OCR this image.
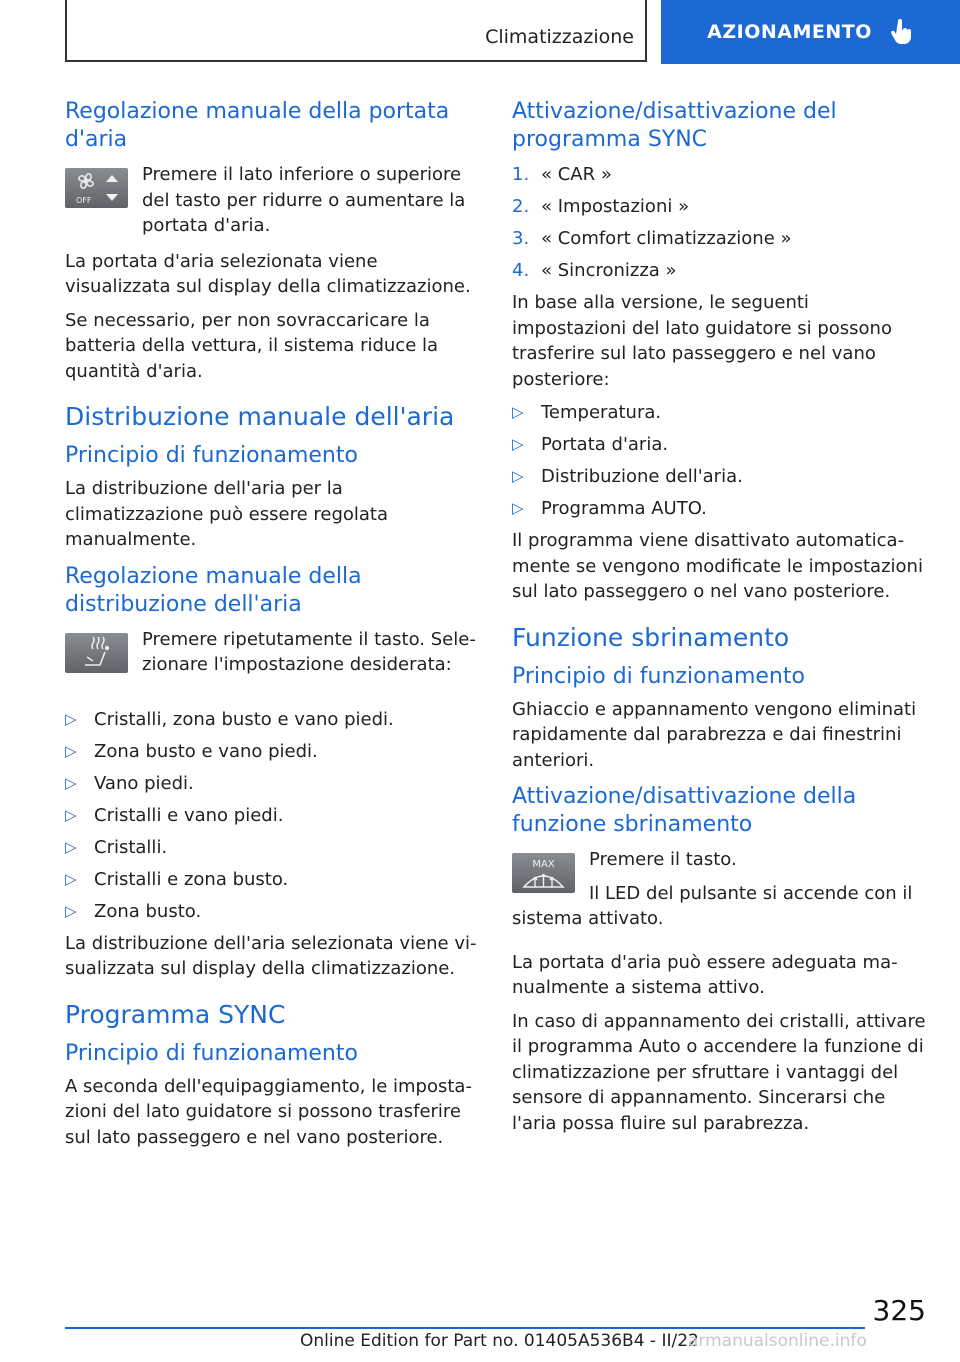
Climatizzazione	AZIONAMENTO
Regolazione manuale della portata d'aria
OFF

Premere il lato inferiore o superiore del tasto per ridurre o aumentare la portata d'aria.

La portata d'aria selezionata viene visualizzata sul display della climatizzazione.

Se necessario, per non sovraccaricare la batteria della vettura, il sistema riduce la quantità d'aria.

Distribuzione manuale dell'aria
Principio di funzionamento

La distribuzione dell'aria per la climatizzazione può essere regolata manualmente.

Regolazione manuale della distribuzione dell'aria

Premere ripetutamente il tasto. Selezionare l'impostazione desiderata:

▷ Cristalli, zona busto e vano piedi.
▷ Zona busto e vano piedi.
▷ Vano piedi.
▷ Cristalli e vano piedi.
▷ Cristalli.
▷ Cristalli e zona busto.
▷ Zona busto.

La distribuzione dell'aria selezionata viene visualizzata sul display della climatizzazione.

Programma SYNC
Principio di funzionamento

A seconda dell'equipaggiamento, le impostazioni del lato guidatore si possono trasferire sul lato passeggero e nel vano posteriore.

Attivazione/disattivazione del programma SYNC
1. « CAR »
2. « Impostazioni »
3. « Comfort climatizzazione »
4. « Sincronizza »

In base alla versione, le seguenti impostazioni del lato guidatore si possono trasferire sul lato passeggero e nel vano posteriore:

▷ Temperatura.
▷ Portata d'aria.
▷ Distribuzione dell'aria.
▷ Programma AUTO.

Il programma viene disattivato automaticamente se vengono modificate le impostazioni sul lato passeggero o nel vano posteriore.

Funzione sbrinamento
Principio di funzionamento

Ghiaccio e appannamento vengono eliminati rapidamente dal parabrezza e dai finestrini anteriori.

Attivazione/disattivazione della funzione sbrinamento
MAX	Premere il tasto.

Il LED del pulsante si accende con il sistema attivato.

La portata d'aria può essere adeguata manualmente a sistema attivo.

In caso di appannamento dei cristalli, attivare il programma Auto o accendere la funzione di climatizzazione per sfruttare i vantaggi del sensore di appannamento. Sincerarsi che l'aria possa fluire sul parabrezza.

325
Online Edition for Part no. 01405A536B4 - II/22
armanualsonline.info
